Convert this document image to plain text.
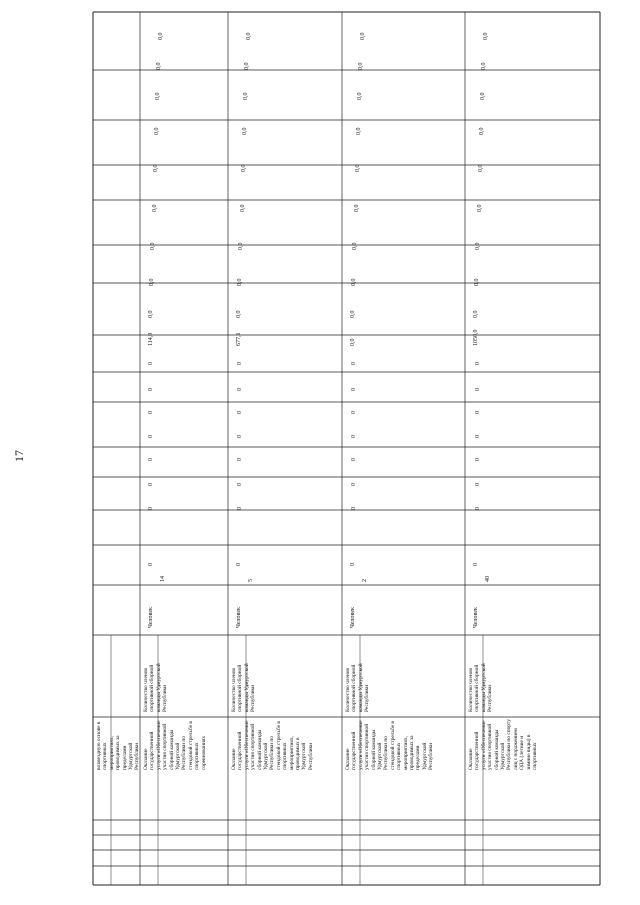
17
возмездную основе в
спортивных
мероприятиях,
проводимых за
пределами
Удмуртской
Республики Оказание
государственной
услуги «Обеспечение
участия спортивной
сборной команды
Удмуртской
Республики по
стендовой стрельбе в
спортивных
соревнованиях
Количество членов
спортивной сборной
команды Удмуртской
Республики
Человек
14
0
0
0
0
0
0
0
0
114,0
0,0
0,0
0,0
0,0
0,0
0,0
0,0
0,0
0,0
Оказание
государственной
услуги «Обеспечение
участия спортивной
сборной команды
Удмуртской
Республики по
стендовой стрельбе в
спортивных
мероприятиях,
проводимых в
Удмуртской
Республики
Количество членов
спортивной сборной
команды Удмуртской
Республики
Человек
5
0
0
0
0
0
0
0
0
677,1
0,0
0,0
0,0
0,0
0,0
0,0
0,0
0,0
0,0
Оказание
государственной
услуги «Обеспечение
участия спортивной
сборной команды
Удмуртской
Республики по
стендовой стрельбе в
спортивных
мероприятиях,
проводимых за
пределами
Удмуртской
Республики
Количество членов
спортивной сборной
команды Удмуртской
Республики
Человек
2
0
0
0
0
0
0
0
0
0,0
0,0
0,0
0,0
0,0
0,0
0,0
0,0
0,0
0,0
Оказание
государственной
услуги «Обеспечение
участия спортивной
сборной команды
Удмуртской
Республики по спорту
лиц с поражением
ОДА (летние и
зимние виды) в
спортивных
Количество членов
спортивной сборной
команды Удмуртской
Республики
Человек
40
0
0
0
0
0
0
0
0
1050,0
0,0
0,0
0,0
0,0
0,0
0,0
0,0
0,0
0,0
